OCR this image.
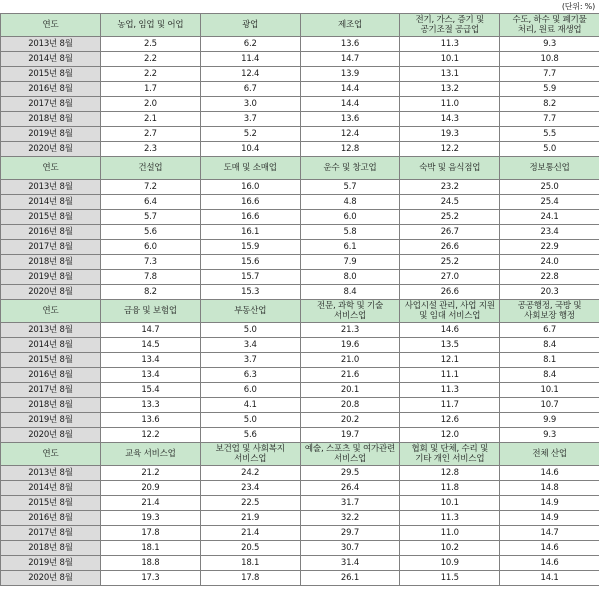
(단위: %)
연도	농업, 임업 및 어업	광업	제조업	전기, 가스, 증기 및 공기조절 공급업	수도, 하수 및 폐기물 처리, 원료 재생업
2013년 8월	2.5	6.2	13.6	11.3	9.3
2014년 8월	2.2	11.4	14.7	10.1	10.8
2015년 8월	2.2	12.4	13.9	13.1	7.7
2016년 8월	1.7	6.7	14.4	13.2	5.9
2017년 8월	2.0	3.0	14.4	11.0	8.2
2018년 8월	2.1	3.7	13.6	14.3	7.7
2019년 8월	2.7	5.2	12.4	19.3	5.5
2020년 8월	2.3	10.4	12.8	12.2	5.0
연도	건설업	도매 및 소매업	운수 및 창고업	숙박 및 음식점업	정보통신업
2013년 8월	7.2	16.0	5.7	23.2	25.0
2014년 8월	6.4	16.6	4.8	24.5	25.4
2015년 8월	5.7	16.6	6.0	25.2	24.1
2016년 8월	5.6	16.1	5.8	26.7	23.4
2017년 8월	6.0	15.9	6.1	26.6	22.9
2018년 8월	7.3	15.6	7.9	25.2	24.0
2019년 8월	7.8	15.7	8.0	27.0	22.8
2020년 8월	8.2	15.3	8.4	26.6	20.3
연도	금융 및 보험업	부동산업	전문, 과학 및 기술 서비스업	사업시설 관리, 사업 지원 및 임대 서비스업	공공행정, 국방 및 사회보장 행정
2013년 8월	14.7	5.0	21.3	14.6	6.7
2014년 8월	14.5	3.4	19.6	13.5	8.4
2015년 8월	13.4	3.7	21.0	12.1	8.1
2016년 8월	13.4	6.3	21.6	11.1	8.4
2017년 8월	15.4	6.0	20.1	11.3	10.1
2018년 8월	13.3	4.1	20.8	11.7	10.7
2019년 8월	13.6	5.0	20.2	12.6	9.9
2020년 8월	12.2	5.6	19.7	12.0	9.3
연도	교육 서비스업	보건업 및 사회복지 서비스업	예술, 스포츠 및 여가관련 서비스업	협회 및 단체, 수리 및 기타 개인 서비스업	전체 산업
2013년 8월	21.2	24.2	29.5	12.8	14.6
2014년 8월	20.9	23.4	26.4	11.8	14.8
2015년 8월	21.4	22.5	31.7	10.1	14.9
2016년 8월	19.3	21.9	32.2	11.3	14.9
2017년 8월	17.8	21.4	29.7	11.0	14.7
2018년 8월	18.1	20.5	30.7	10.2	14.6
2019년 8월	18.8	18.1	31.4	10.9	14.6
2020년 8월	17.3	17.8	26.1	11.5	14.1
